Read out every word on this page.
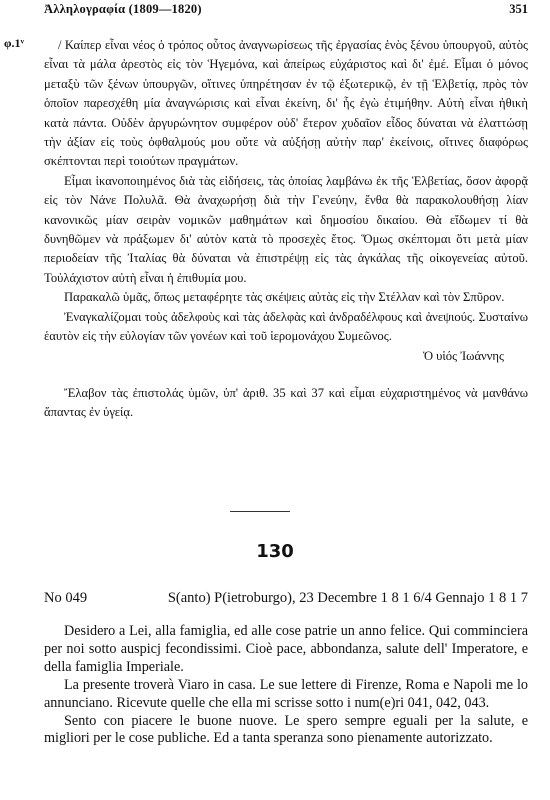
Ἀλληλογραφία (1809—1820)	351
φ.1ᵛ	/ Καίπερ εἶναι νέος ὁ τρόπος οὗτος ἀναγνωρίσεως τῆς ἐργασίας ἑνὸς ξένου ὑπουργοῦ, αὐτὸς εἶναι τὰ μάλα ἀρεστὸς εἰς τὸν Ἡγεμόνα, καὶ ἀπείρως εὐχάριστος καὶ δι' ἐμέ. Εἶμαι ὁ μόνος μεταξὺ τῶν ξένων ὑπουργῶν, οἵτινες ὑπηρέτησαν ἐν τῷ ἐξωτερικῷ, ἐν τῇ Ἑλβετίᾳ, πρὸς τὸν ὁποῖον παρεσχέθη μία ἀναγνώρισις καὶ εἶναι ἐκείνη, δι' ἧς ἐγὼ ἐτιμήθην. Αὐτὴ εἶναι ἠθικὴ κατὰ πάντα. Οὐδὲν ἀργυρώνητον συμφέρον οὐδ' ἕτερον χυδαῖον εἶδος δύναται νὰ ἐλαττώσῃ τὴν ἀξίαν εἰς τοὺς ὀφθαλμούς μου οὔτε νὰ αὐξήσῃ αὐτὴν παρ' ἐκείνοις, οἵτινες διαφόρως σκέπτονται περὶ τοιούτων πραγμάτων.

Εἶμαι ἱκανοποιημένος διὰ τὰς εἰδήσεις, τὰς ὁποίας λαμβάνω ἐκ τῆς Ἑλβετίας, ὅσον ἀφορᾷ εἰς τὸν Νάνε Πολυλᾶ. Θὰ ἀναχωρήσῃ διὰ τὴν Γενεύην, ἔνθα θὰ παρακολουθήσῃ λίαν κανονικῶς μίαν σειρὰν νομικῶν μαθημάτων καὶ δημοσίου δικαίου. Θὰ εἴδωμεν τί θὰ δυνηθῶμεν νὰ πράξωμεν δι' αὐτὸν κατὰ τὸ προσεχὲς ἔτος. Ὅμως σκέπτομαι ὅτι μετὰ μίαν περιοδείαν τῆς Ἰταλίας θὰ δύναται νὰ ἐπιστρέψῃ εἰς τὰς ἀγκάλας τῆς οἰκογενείας αὐτοῦ. Τοὐλάχιστον αὐτὴ εἶναι ἡ ἐπιθυμία μου.

Παρακαλῶ ὑμᾶς, ὅπως μεταφέρητε τὰς σκέψεις αὐτὰς εἰς τὴν Στέλλαν καὶ τὸν Σπῦρον.

Ἐναγκαλίζομαι τοὺς ἀδελφοὺς καὶ τὰς ἀδελφὰς καὶ ἀνδραδέλφους καὶ ἀνεψιούς. Συσταίνω ἑαυτὸν εἰς τὴν εὐλογίαν τῶν γονέων καὶ τοῦ ἱερομονάχου Συμεῶνος.

Ὁ υἱός Ἰωάννης

Ἔλαβον τὰς ἐπιστολάς ὑμῶν, ὑπ' ἀριθ. 35 καὶ 37 καὶ εἶμαι εὐχαριστημένος νὰ μανθάνω ἅπαντας ἐν ὑγείᾳ.

130
No 049	S(anto) P(ietroburgo), 23 Decembre 1 8 1 6/4 Gennajo 1 8 1 7

Desidero a Lei, alla famiglia, ed alle cose patrie un anno felice. Qui comminciera per noi sotto auspicj fecondissimi. Cioè pace, abbondanza, salute dell' Imperatore, e della famiglia Imperiale.

La presente troverà Viaro in casa. Le sue lettere di Firenze, Roma e Napoli me lo annunciano. Ricevute quelle che ella mi scrisse sotto i num(e)ri 041, 042, 043.

Sento con piacere le buone nuove. Le spero sempre eguali per la salute, e migliori per le cose publiche. Ed a tanta speranza sono pienamente autorizzato.
